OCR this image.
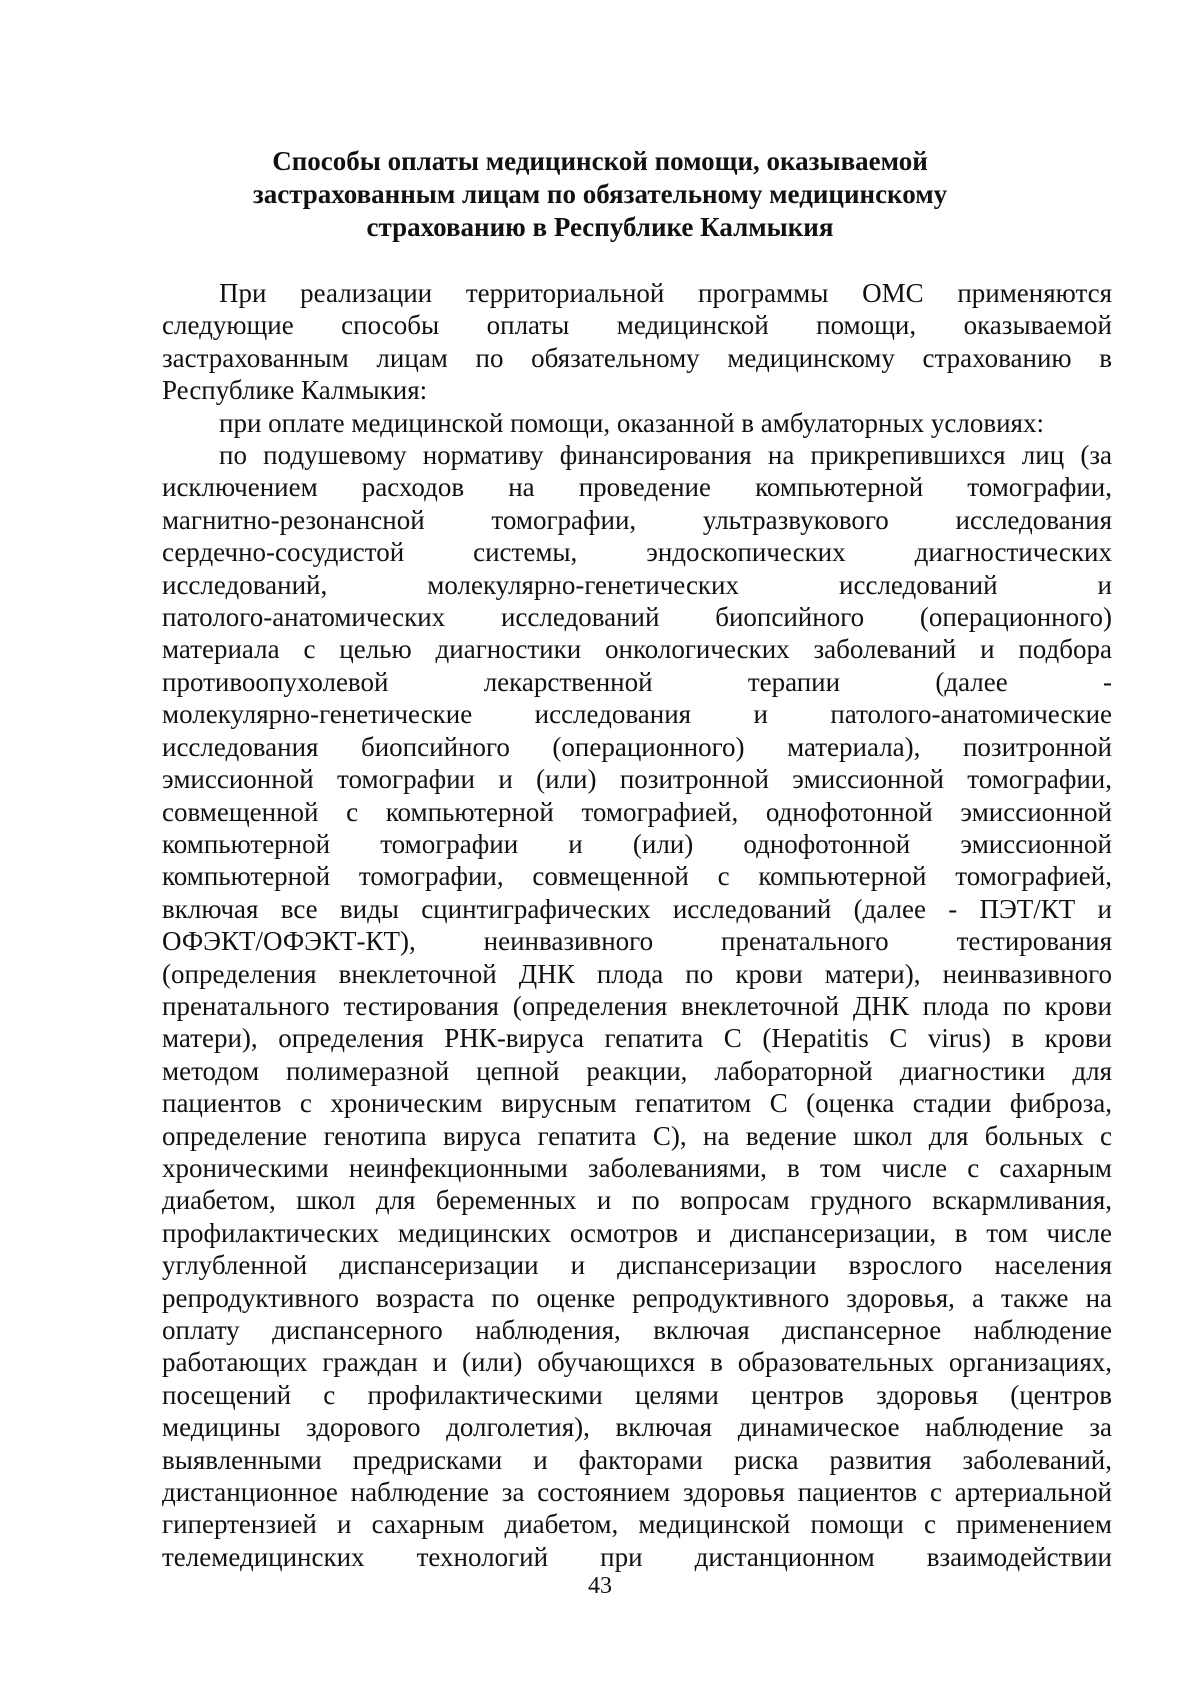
Способы оплаты медицинской помощи, оказываемой
застрахованным лицам по обязательному медицинскому
страхованию в Республике Калмыкия
При реализации территориальной программы ОМС применяются
следующие способы оплаты медицинской помощи, оказываемой
застрахованным лицам по обязательному медицинскому страхованию в
Республике Калмыкия:
при оплате медицинской помощи, оказанной в амбулаторных условиях:
по подушевому нормативу финансирования на прикрепившихся лиц (за
исключением расходов на проведение компьютерной томографии,
магнитно-резонансной томографии, ультразвукового исследования
сердечно-сосудистой системы, эндоскопических диагностических
исследований, молекулярно-генетических исследований и
патолого-анатомических исследований биопсийного (операционного)
материала с целью диагностики онкологических заболеваний и подбора
противоопухолевой лекарственной терапии (далее -
молекулярно-генетические исследования и патолого-анатомические
исследования биопсийного (операционного) материала), позитронной
эмиссионной томографии и (или) позитронной эмиссионной томографии,
совмещенной с компьютерной томографией, однофотонной эмиссионной
компьютерной томографии и (или) однофотонной эмиссионной
компьютерной томографии, совмещенной с компьютерной томографией,
включая все виды сцинтиграфических исследований (далее - ПЭТ/КТ и
ОФЭКТ/ОФЭКТ-КТ), неинвазивного пренатального тестирования
(определения внеклеточной ДНК плода по крови матери), неинвазивного
пренатального тестирования (определения внеклеточной ДНК плода по крови
матери), определения РНК-вируса гепатита С (Hepatitis С virus) в крови
методом полимеразной цепной реакции, лабораторной диагностики для
пациентов с хроническим вирусным гепатитом С (оценка стадии фиброза,
определение генотипа вируса гепатита С), на ведение школ для больных с
хроническими неинфекционными заболеваниями, в том числе с сахарным
диабетом, школ для беременных и по вопросам грудного вскармливания,
профилактических медицинских осмотров и диспансеризации, в том числе
углубленной диспансеризации и диспансеризации взрослого населения
репродуктивного возраста по оценке репродуктивного здоровья, а также на
оплату диспансерного наблюдения, включая диспансерное наблюдение
работающих граждан и (или) обучающихся в образовательных организациях,
посещений с профилактическими целями центров здоровья (центров
медицины здорового долголетия), включая динамическое наблюдение за
выявленными предрисками и факторами риска развития заболеваний,
дистанционное наблюдение за состоянием здоровья пациентов с артериальной
гипертензией и сахарным диабетом, медицинской помощи с применением
телемедицинских технологий при дистанционном взаимодействии
43
